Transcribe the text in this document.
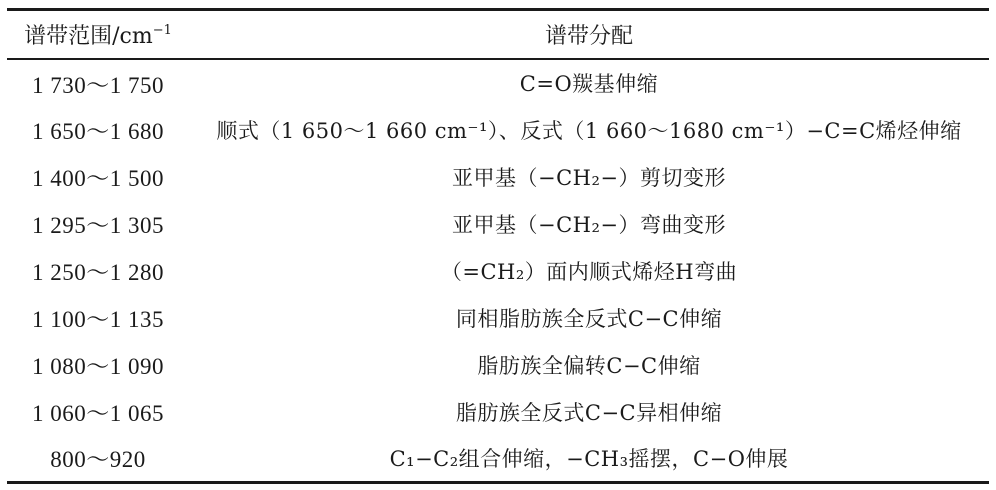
谱带范围$/cm^{-1}$	谱带分配
1 730～1 750	C=O羰基伸缩
1 650～1 680	顺式（1 650～1 660 cm⁻¹）、反式（1 660～1680 cm⁻¹）−C=C烯烃伸缩
1 400～1 500	亚甲基（−CH₂−）剪切变形
1 295～1 305	亚甲基（−CH₂−）弯曲变形
1 250～1 280	（=CH₂）面内顺式烯烃H弯曲
1 100～1 135	同相脂肪族全反式C−C伸缩
1 080～1 090	脂肪族全偏转C−C伸缩
1 060～1 065	脂肪族全反式C−C异相伸缩
800～920	C₁−C₂组合伸缩，−CH₃摇摆，C−O伸展
